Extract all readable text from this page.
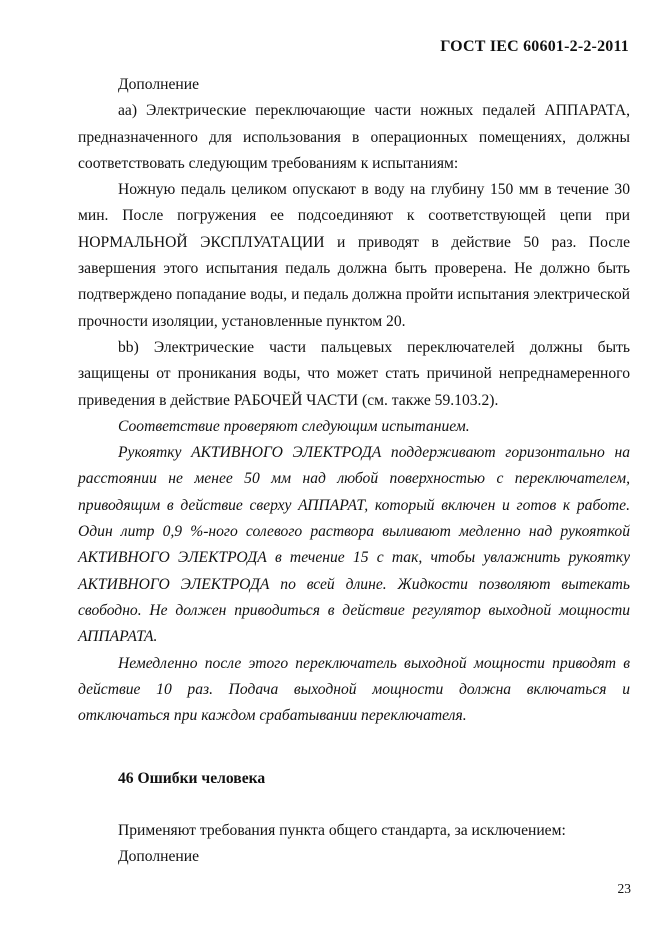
ГОСТ IEC 60601-2-2-2011

Дополнение

аа) Электрические переключающие части ножных педалей АППАРАТА, предназначенного для использования в операционных помещениях, должны соответствовать следующим требованиям к испытаниям:

Ножную педаль целиком опускают в воду на глубину 150 мм в течение 30 мин. После погружения ее подсоединяют к соответствующей цепи при НОРМАЛЬНОЙ ЭКСПЛУАТАЦИИ и приводят в действие 50 раз. После завершения этого испытания педаль должна быть проверена. Не должно быть подтверждено попадание воды, и педаль должна пройти испытания электрической прочности изоляции, установленные пунктом 20.

bb) Электрические части пальцевых переключателей должны быть защищены от проникания воды, что может стать причиной непреднамеренного приведения в действие РАБОЧЕЙ ЧАСТИ (см. также 59.103.2).

Соответствие проверяют следующим испытанием.

Рукоятку АКТИВНОГО ЭЛЕКТРОДА поддерживают горизонтально на расстоянии не менее 50 мм над любой поверхностью с переключателем, приводящим в действие сверху АППАРАТ, который включен и готов к работе. Один литр 0,9 %-ного солевого раствора выливают медленно над рукояткой АКТИВНОГО ЭЛЕКТРОДА в течение 15 с так, чтобы увлажнить рукоятку АКТИВНОГО ЭЛЕКТРОДА по всей длине. Жидкости позволяют вытекать свободно. Не должен приводиться в действие регулятор выходной мощности АППАРАТА.

Немедленно после этого переключатель выходной мощности приводят в действие 10 раз. Подача выходной мощности должна включаться и отключаться при каждом срабатывании переключателя.

46 Ошибки человека

Применяют требования пункта общего стандарта, за исключением:

Дополнение

23
